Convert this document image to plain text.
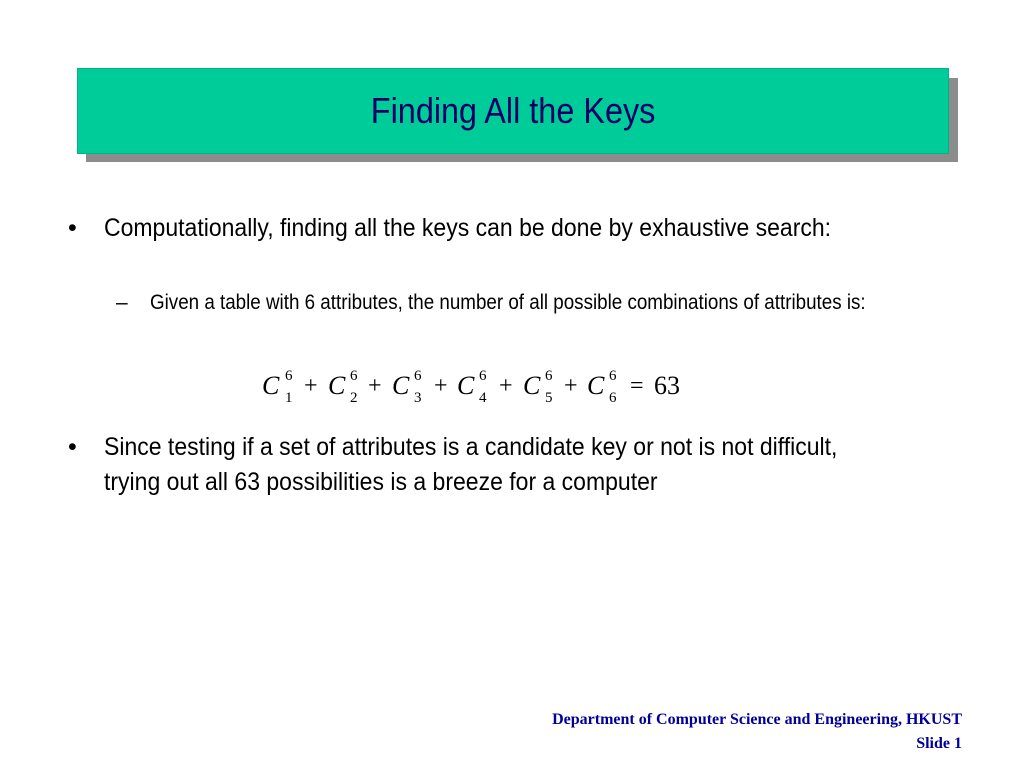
Finding All the Keys
•	Computationally, finding all the keys can be done by exhaustive search:
–	Given a table with 6 attributes, the number of all possible combinations of attributes is:
C 6
1 + C 6
2 + C 6
3 + C 6
4 + C 6
5 + C 6
6 = 63
•	Since testing if a set of attributes is a candidate key or not is not difficult, trying out all 63 possibilities is a breeze for a computer
Department of Computer Science and Engineering, HKUST
Slide 1
